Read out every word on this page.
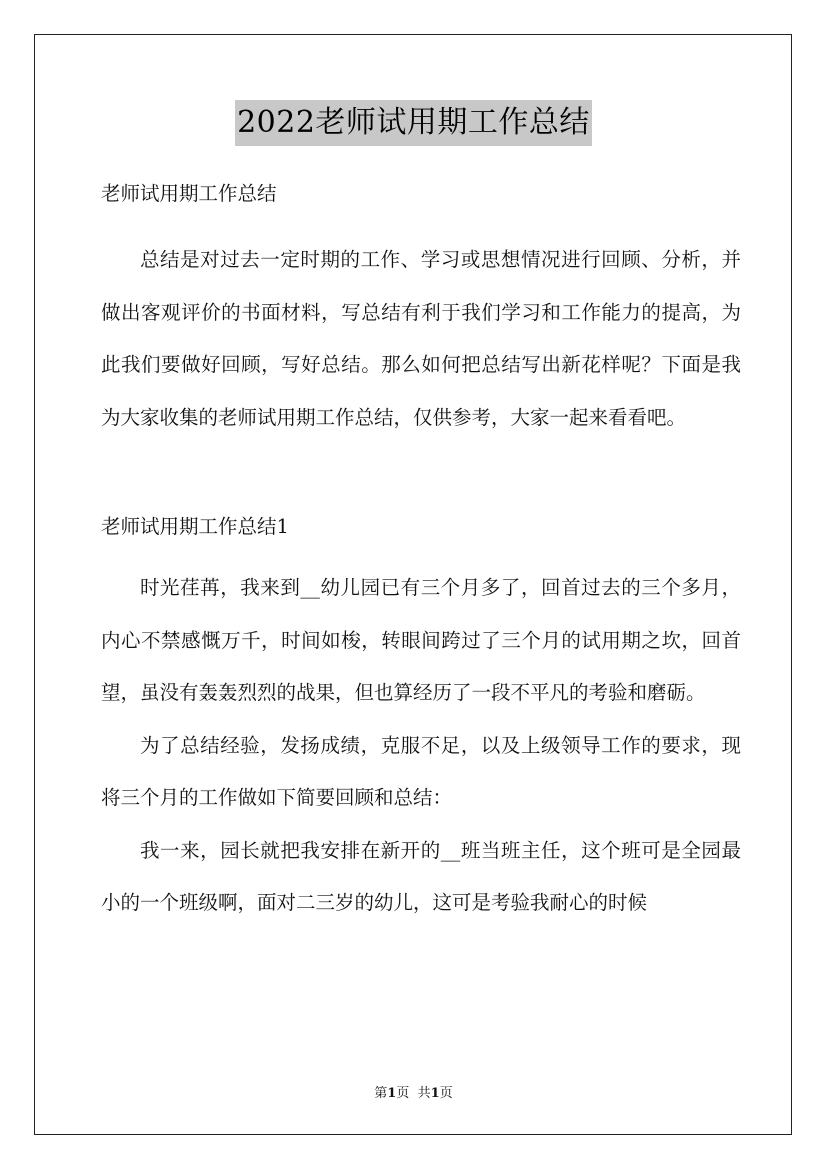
2022老师试用期工作总结
老师试用期工作总结

总结是对过去一定时期的工作、学习或思想情况进行回顾、分析，并做出客观评价的书面材料，写总结有利于我们学习和工作能力的提高，为此我们要做好回顾，写好总结。那么如何把总结写出新花样呢？下面是我为大家收集的老师试用期工作总结，仅供参考，大家一起来看看吧。

老师试用期工作总结1

时光荏苒，我来到__幼儿园已有三个月多了，回首过去的三个多月，内心不禁感慨万千，时间如梭，转眼间跨过了三个月的试用期之坎，回首望，虽没有轰轰烈烈的战果，但也算经历了一段不平凡的考验和磨砺。

为了总结经验，发扬成绩，克服不足，以及上级领导工作的要求，现将三个月的工作做如下简要回顾和总结：

我一来，园长就把我安排在新开的__班当班主任，这个班可是全园最小的一个班级啊，面对二三岁的幼儿，这可是考验我耐心的时候

第1页 共1页
